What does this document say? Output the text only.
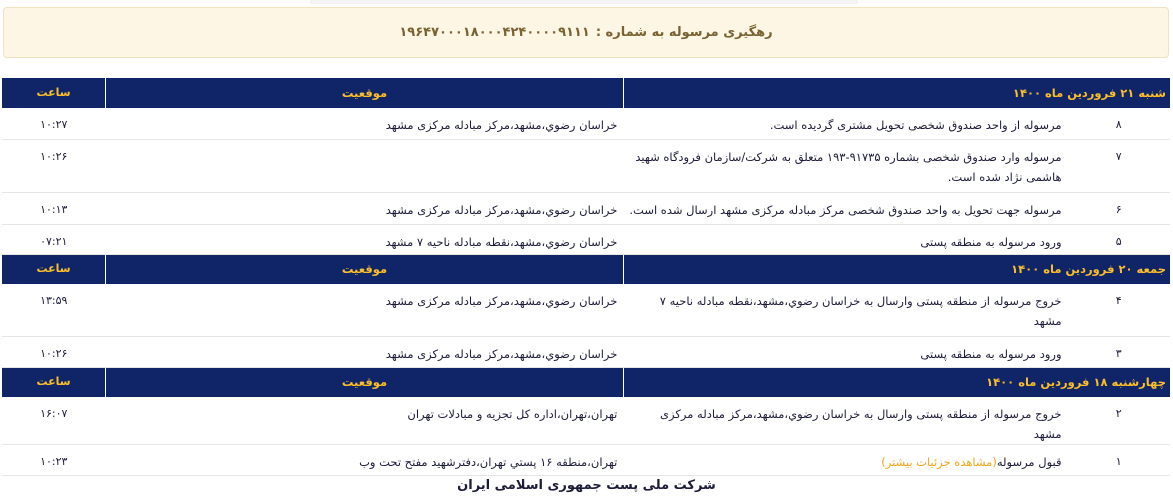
رهگیری مرسوله به شماره :
۱۹۶۴۷۰۰۰۱۸۰۰۰۴۲۴۰۰۰۰۹۱۱۱
شنبه ۲۱ فروردین ماه ۱۴۰۰		موقعیت	ساعت
۸	مرسوله از واحد صندوق شخصی تحویل مشتری گردیده است.	خراسان رضوي،مشهد،مرکز مبادله مرکزی مشهد	۱۰:۲۷
۷	مرسوله وارد صندوق شخصی بشماره ۹۱۷۳۵-۱۹۳ متعلق به شرکت/سازمان فرودگاه شهید هاشمی نژاد شده است.		۱۰:۲۶
۶	مرسوله جهت تحویل به واحد صندوق شخصی مرکز مبادله مرکزی مشهد ارسال شده است.	خراسان رضوي،مشهد،مرکز مبادله مرکزی مشهد	۱۰:۱۳
۵	ورود مرسوله به منطقه پستی	خراسان رضوي،مشهد،نقطه مبادله ناحیه ۷ مشهد	۰۷:۲۱
جمعه ۲۰ فروردین ماه ۱۴۰۰		موقعیت	ساعت
۴	خروج مرسوله از منطقه پستی وارسال به خراسان رضوي،مشهد،نقطه مبادله ناحیه ۷ مشهد	خراسان رضوي،مشهد،مرکز مبادله مرکزی مشهد	۱۳:۵۹
۳	ورود مرسوله به منطقه پستی	خراسان رضوي،مشهد،مرکز مبادله مرکزی مشهد	۱۰:۲۶
چهارشنبه ۱۸ فروردین ماه ۱۴۰۰		موقعیت	ساعت
۲	خروج مرسوله از منطقه پستی وارسال به خراسان رضوي،مشهد،مرکز مبادله مرکزی مشهد	تهران،تهران،اداره کل تجزیه و مبادلات تهران	۱۶:۰۷
۱	قبول مرسوله(مشاهده جزئیات بیشتر)	تهران،منطقه ۱۶ پستي تهران،دفترشهید مفتح تحت وب	۱۰:۲۳
شرکت ملی پست جمهوری اسلامی ایران
